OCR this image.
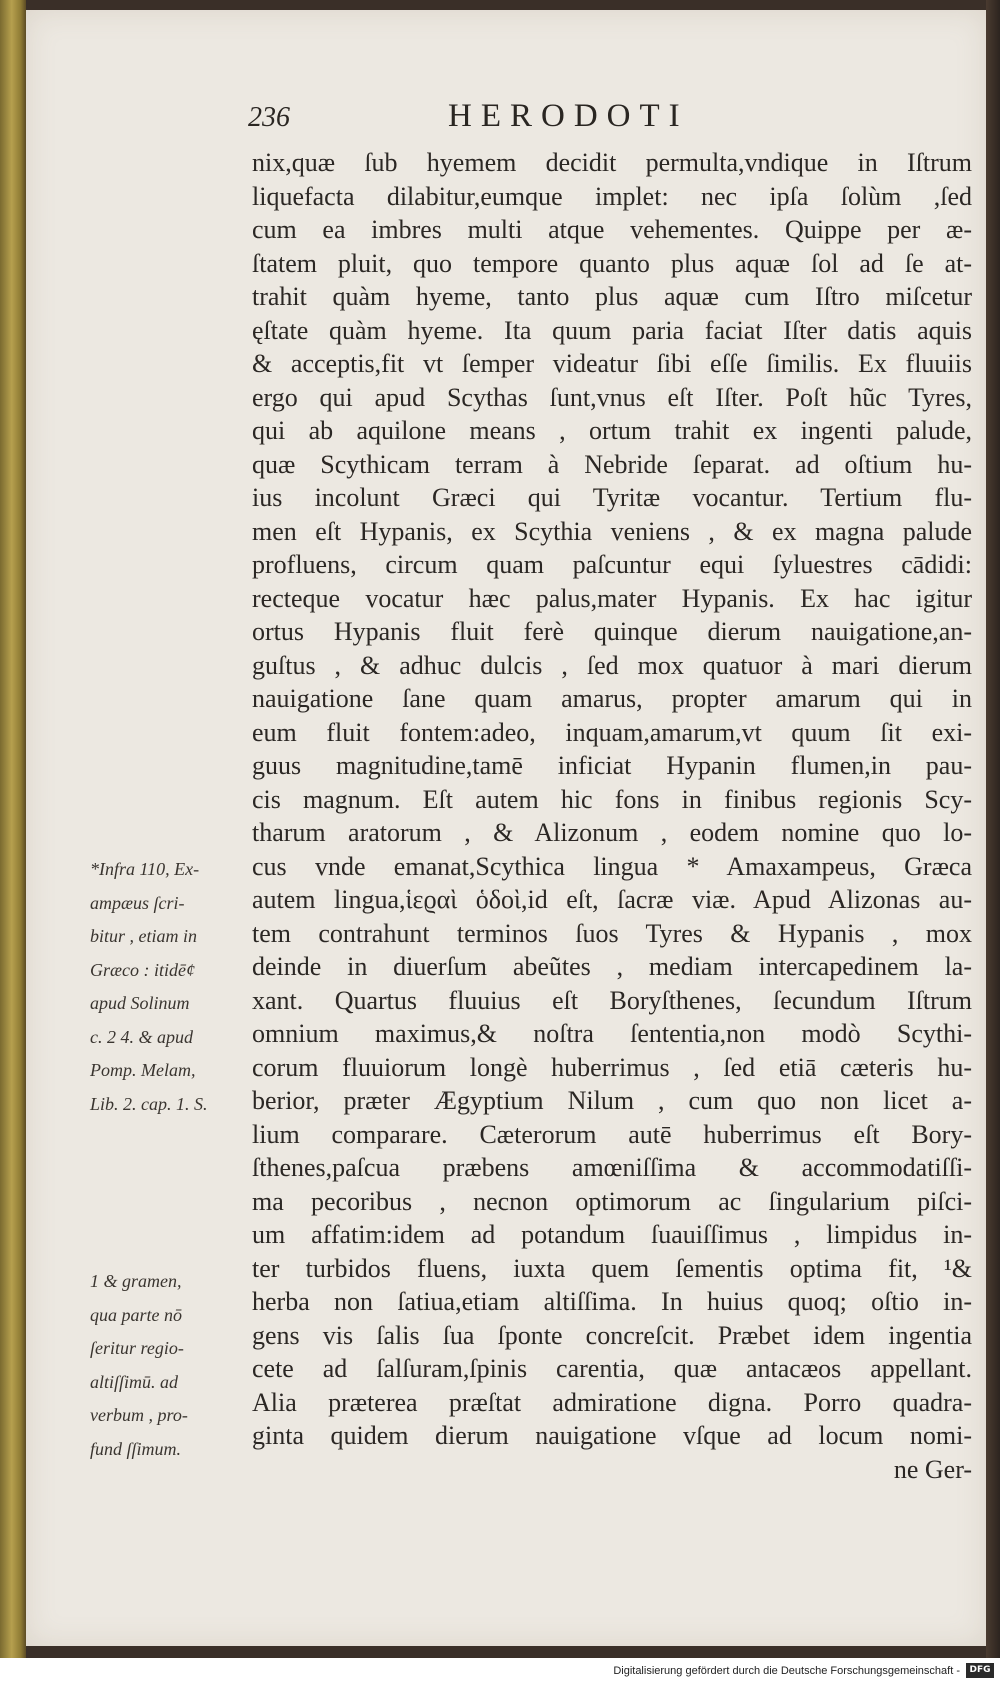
236	HERODOTI
nix,quæ ſub hyemem decidit permulta,vndique in Iſtrum
liquefacta dilabitur,eumque implet: nec ipſa ſolùm ,ſed
cum ea imbres multi atque vehementes. Quippe per æ-
ſtatem pluit, quo tempore quanto plus aquæ ſol ad ſe at-
trahit quàm hyeme, tanto plus aquæ cum Iſtro miſcetur
ęſtate quàm hyeme. Ita quum paria faciat Iſter datis aquis
& acceptis,fit vt ſemper videatur ſibi eſſe ſimilis. Ex fluuiis
ergo qui apud Scythas ſunt,vnus eſt Iſter. Poſt hũc Tyres,
qui ab aquilone means , ortum trahit ex ingenti palude,
quæ Scythicam terram à Nebride ſeparat. ad oſtium hu-
ius incolunt Græci qui Tyritæ vocantur. Tertium flu-
men eſt Hypanis, ex Scythia veniens , & ex magna palude
profluens, circum quam paſcuntur equi ſyluestres cādidi:
recteque vocatur hæc palus,mater Hypanis. Ex hac igitur
ortus Hypanis fluit ferè quinque dierum nauigatione,an-
guſtus , & adhuc dulcis , ſed mox quatuor à mari dierum
nauigatione ſane quam amarus, propter amarum qui in
eum fluit fontem:adeo, inquam,amarum,vt quum ſit exi-
guus magnitudine,tamē inficiat Hypanin flumen,in pau-
cis magnum. Eſt autem hic fons in finibus regionis Scy-
tharum aratorum , & Alizonum , eodem nomine quo lo-
cus vnde emanat,Scythica lingua * Amaxampeus, Græca
autem lingua,ἱεϱαὶ ὁδοὶ,id eſt, ſacræ viæ. Apud Alizonas au-
tem contrahunt terminos ſuos Tyres & Hypanis , mox
deinde in diuerſum abeũtes , mediam intercapedinem la-
xant. Quartus fluuius eſt Boryſthenes, ſecundum Iſtrum
omnium maximus,& noſtra ſententia,non modò Scythi-
corum fluuiorum longè huberrimus , ſed etiā cæteris hu-
berior, præter Ægyptium Nilum , cum quo non licet a-
lium comparare. Cæterorum autē huberrimus eſt Bory-
ſthenes,paſcua præbens amœniſſima & accommodatiſſi-
ma pecoribus , necnon optimorum ac ſingularium piſci-
um affatim:idem ad potandum ſuauiſſimus , limpidus in-
ter turbidos fluens, iuxta quem ſementis optima fit, ¹&
herba non ſatiua,etiam altiſſima. In huius quoq; oſtio in-
gens vis ſalis ſua ſponte concreſcit. Præbet idem ingentia
cete ad ſalſuram,ſpinis carentia, quæ antacæos appellant.
Alia præterea præſtat admiratione digna. Porro quadra-
ginta quidem dierum nauigatione vſque ad locum nomi-
ne Ger-
*Infra 110, Ex-
ampæus ſcri-
bitur , etiam in
Græco : itidē¢
apud Solinum
c. 2 4. & apud
Pomp. Melam,
Lib. 2. cap. 1. S.
1 & gramen,
qua parte nō
ſeritur regio-
altiſſimū. ad
verbum , pro-
fund ſſimum.
Digitalisierung gefördert durch die Deutsche Forschungsgemeinschaft -	DFG
